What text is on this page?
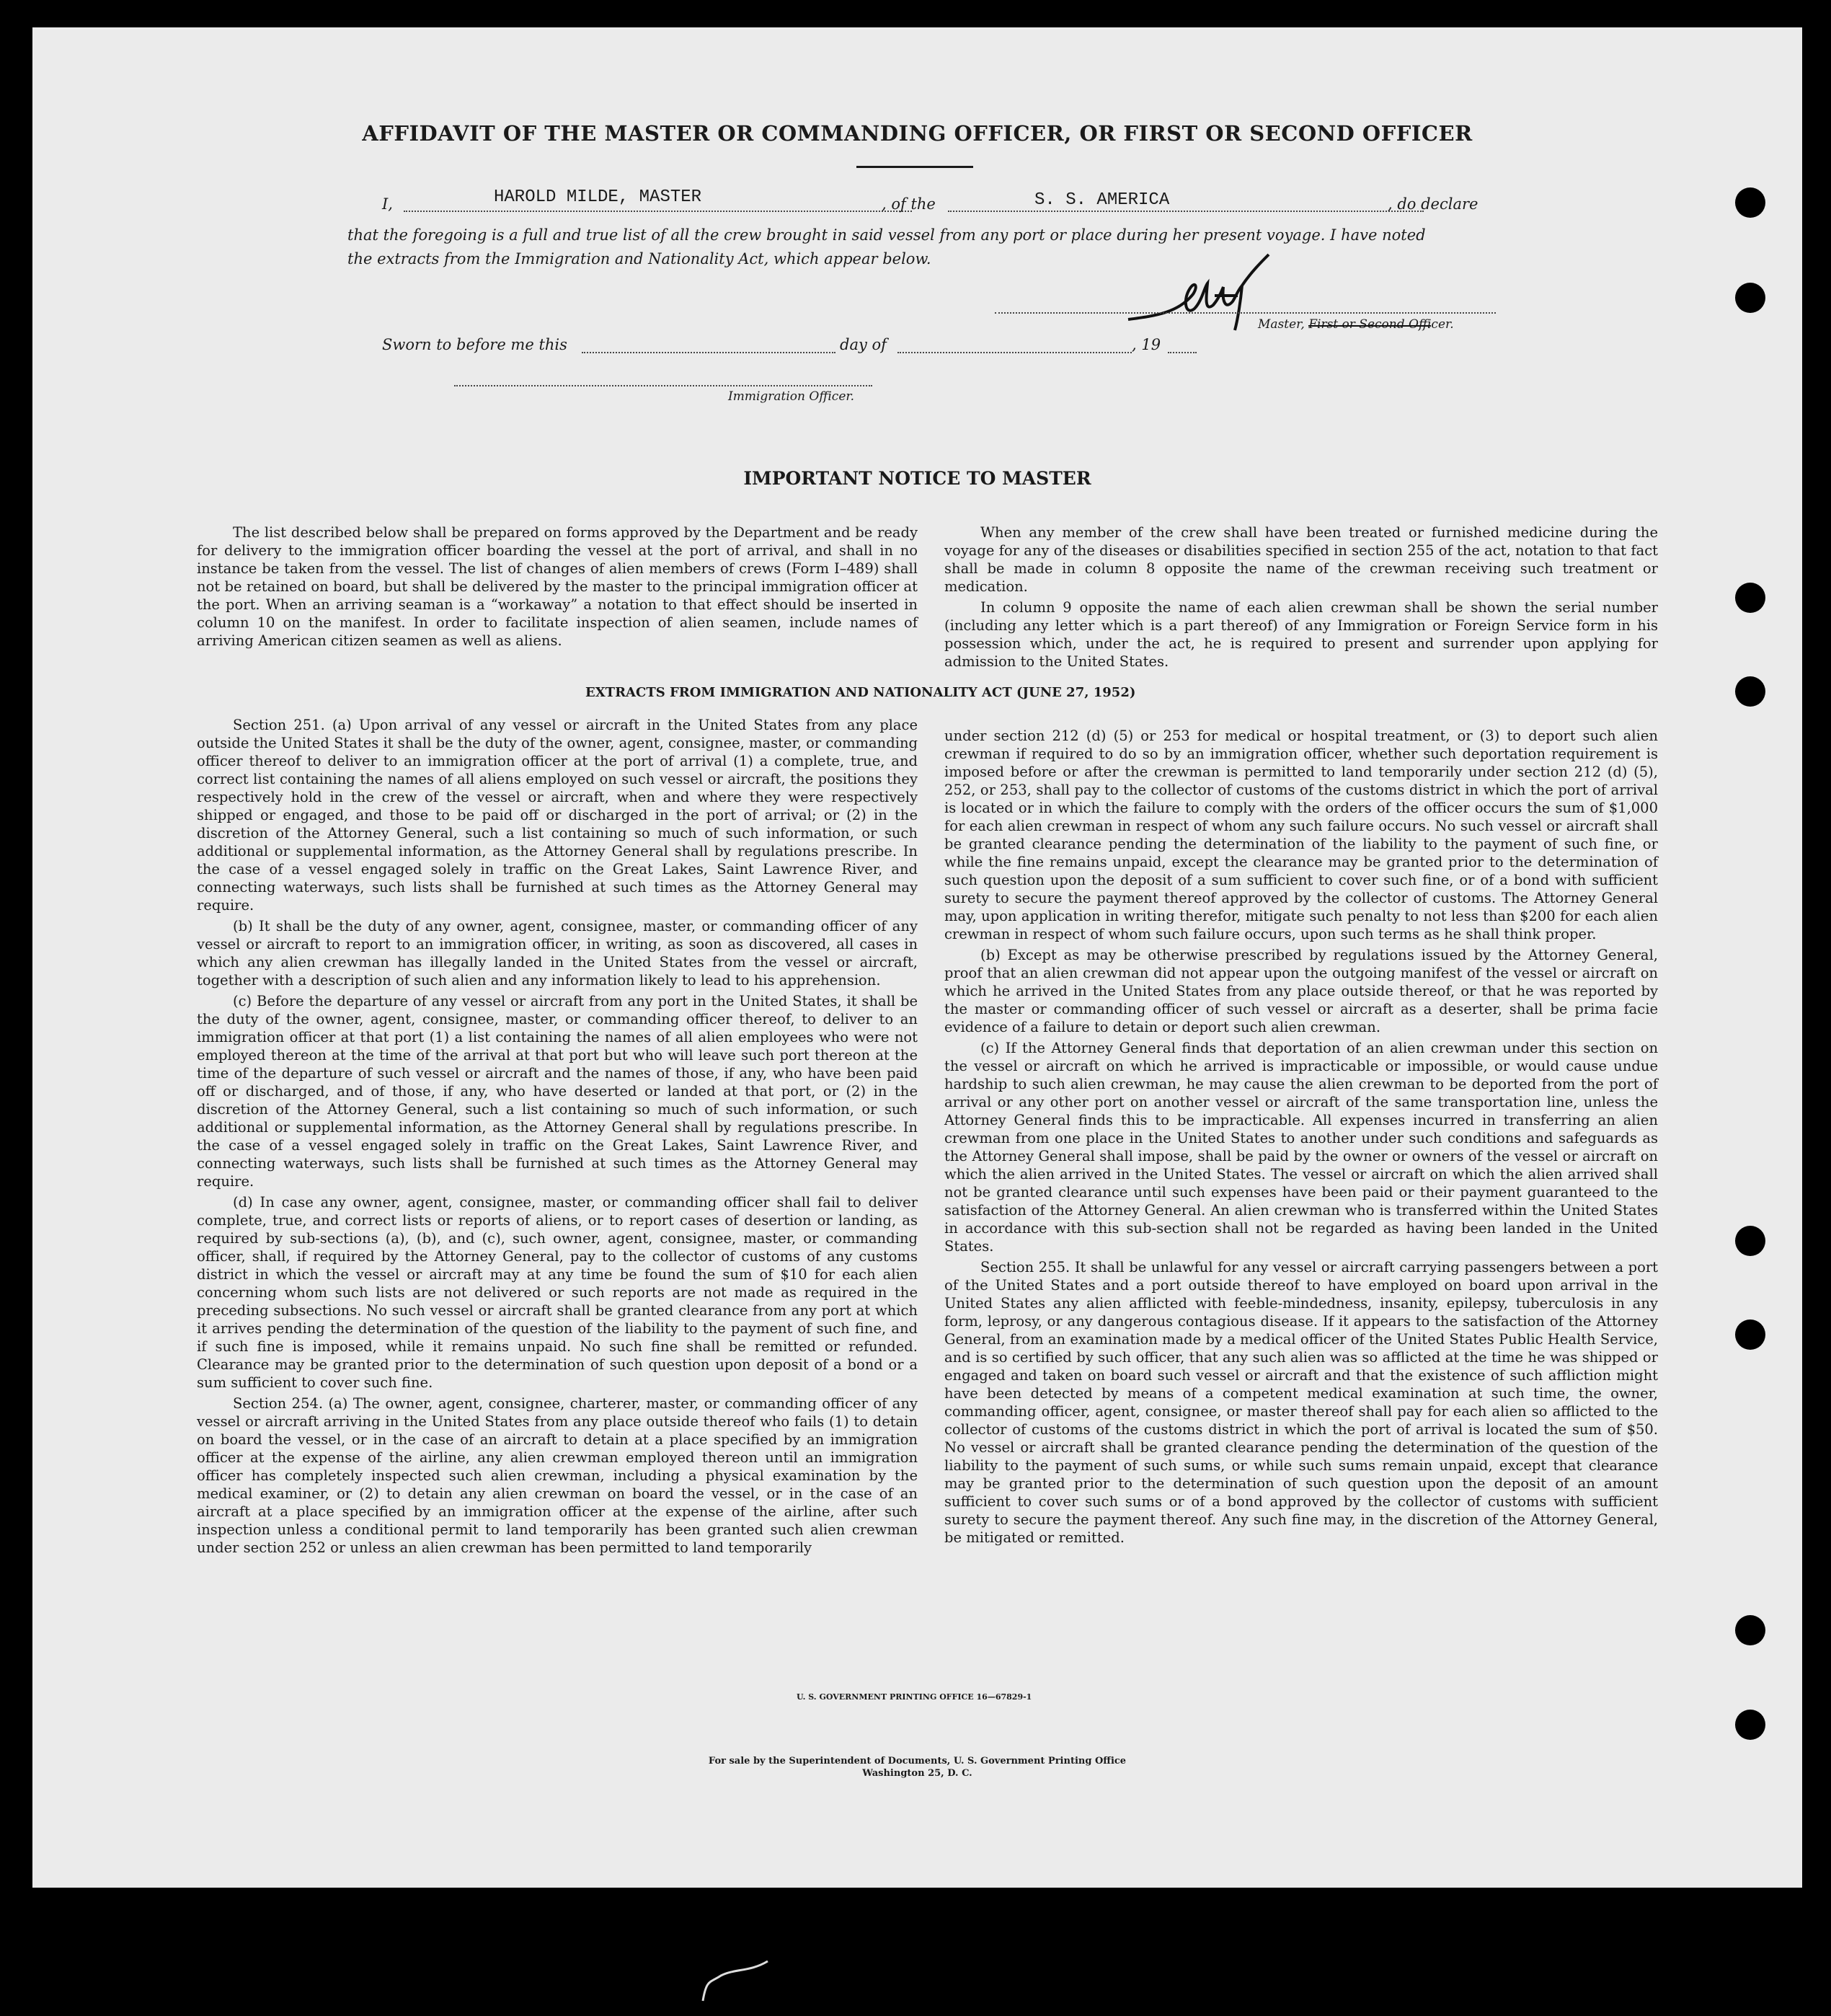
AFFIDAVIT OF THE MASTER OR COMMANDING OFFICER, OR FIRST OR SECOND OFFICER
I,	HAROLD MILDE, MASTER	, of the	S. S. AMERICA	, do declare
that the foregoing is a full and true list of all the crew brought in said vessel from any port or place during her present voyage. I have noted
the extracts from the Immigration and Nationality Act, which appear below.
Master, First or Second Officer.
Sworn to before me this	day of	, 19
Immigration Officer.
IMPORTANT NOTICE TO MASTER

The list described below shall be prepared on forms approved by the Department and be ready for delivery to the immigration officer boarding the vessel at the port of arrival, and shall in no instance be taken from the vessel. The list of changes of alien members of crews (Form I–489) shall not be retained on board, but shall be delivered by the master to the principal immigration officer at the port. When an arriving seaman is a “workaway” a notation to that effect should be inserted in column 10 on the manifest. In order to facilitate inspection of alien seamen, include names of arriving American citizen seamen as well as aliens.

When any member of the crew shall have been treated or furnished medicine during the voyage for any of the diseases or disabilities specified in section 255 of the act, notation to that fact shall be made in column 8 opposite the name of the crewman receiving such treatment or medication.

In column 9 opposite the name of each alien crewman shall be shown the serial number (including any letter which is a part thereof) of any Immigration or Foreign Service form in his possession which, under the act, he is required to present and surrender upon applying for admission to the United States.

EXTRACTS FROM IMMIGRATION AND NATIONALITY ACT (JUNE 27, 1952)

Section 251. (a) Upon arrival of any vessel or aircraft in the United States from any place outside the United States it shall be the duty of the owner, agent, consignee, master, or commanding officer thereof to deliver to an immigration officer at the port of arrival (1) a complete, true, and correct list containing the names of all aliens employed on such vessel or aircraft, the positions they respectively hold in the crew of the vessel or aircraft, when and where they were respectively shipped or engaged, and those to be paid off or discharged in the port of arrival; or (2) in the discretion of the Attorney General, such a list containing so much of such information, or such additional or supplemental information, as the Attorney General shall by regulations prescribe. In the case of a vessel engaged solely in traffic on the Great Lakes, Saint Lawrence River, and connecting waterways, such lists shall be furnished at such times as the Attorney General may require.

(b) It shall be the duty of any owner, agent, consignee, master, or commanding officer of any vessel or aircraft to report to an immigration officer, in writing, as soon as discovered, all cases in which any alien crewman has illegally landed in the United States from the vessel or aircraft, together with a description of such alien and any information likely to lead to his apprehension.

(c) Before the departure of any vessel or aircraft from any port in the United States, it shall be the duty of the owner, agent, consignee, master, or commanding officer thereof, to deliver to an immigration officer at that port (1) a list containing the names of all alien employees who were not employed thereon at the time of the arrival at that port but who will leave such port thereon at the time of the departure of such vessel or aircraft and the names of those, if any, who have been paid off or discharged, and of those, if any, who have deserted or landed at that port, or (2) in the discretion of the Attorney General, such a list containing so much of such information, or such additional or supplemental information, as the Attorney General shall by regulations prescribe. In the case of a vessel engaged solely in traffic on the Great Lakes, Saint Lawrence River, and connecting waterways, such lists shall be furnished at such times as the Attorney General may require.

(d) In case any owner, agent, consignee, master, or commanding officer shall fail to deliver complete, true, and correct lists or reports of aliens, or to report cases of desertion or landing, as required by sub-sections (a), (b), and (c), such owner, agent, consignee, master, or commanding officer, shall, if required by the Attorney General, pay to the collector of customs of any customs district in which the vessel or aircraft may at any time be found the sum of $10 for each alien concerning whom such lists are not delivered or such reports are not made as required in the preceding subsections. No such vessel or aircraft shall be granted clearance from any port at which it arrives pending the determination of the question of the liability to the payment of such fine, and if such fine is imposed, while it remains unpaid. No such fine shall be remitted or refunded. Clearance may be granted prior to the determination of such question upon deposit of a bond or a sum sufficient to cover such fine.

Section 254. (a) The owner, agent, consignee, charterer, master, or commanding officer of any vessel or aircraft arriving in the United States from any place outside thereof who fails (1) to detain on board the vessel, or in the case of an aircraft to detain at a place specified by an immigration officer at the expense of the airline, any alien crewman employed thereon until an immigration officer has completely inspected such alien crewman, including a physical examination by the medical examiner, or (2) to detain any alien crewman on board the vessel, or in the case of an aircraft at a place specified by an immigration officer at the expense of the airline, after such inspection unless a conditional permit to land temporarily has been granted such alien crewman under section 252 or unless an alien crewman has been permitted to land temporarily

under section 212 (d) (5) or 253 for medical or hospital treatment, or (3) to deport such alien crewman if required to do so by an immigration officer, whether such deportation requirement is imposed before or after the crewman is permitted to land temporarily under section 212 (d) (5), 252, or 253, shall pay to the collector of customs of the customs district in which the port of arrival is located or in which the failure to comply with the orders of the officer occurs the sum of $1,000 for each alien crewman in respect of whom any such failure occurs. No such vessel or aircraft shall be granted clearance pending the determination of the liability to the payment of such fine, or while the fine remains unpaid, except the clearance may be granted prior to the determination of such question upon the deposit of a sum sufficient to cover such fine, or of a bond with sufficient surety to secure the payment thereof approved by the collector of customs. The Attorney General may, upon application in writing therefor, mitigate such penalty to not less than $200 for each alien crewman in respect of whom such failure occurs, upon such terms as he shall think proper.

(b) Except as may be otherwise prescribed by regulations issued by the Attorney General, proof that an alien crewman did not appear upon the outgoing manifest of the vessel or aircraft on which he arrived in the United States from any place outside thereof, or that he was reported by the master or commanding officer of such vessel or aircraft as a deserter, shall be prima facie evidence of a failure to detain or deport such alien crewman.

(c) If the Attorney General finds that deportation of an alien crewman under this section on the vessel or aircraft on which he arrived is impracticable or impossible, or would cause undue hardship to such alien crewman, he may cause the alien crewman to be deported from the port of arrival or any other port on another vessel or aircraft of the same transportation line, unless the Attorney General finds this to be impracticable. All expenses incurred in transferring an alien crewman from one place in the United States to another under such conditions and safeguards as the Attorney General shall impose, shall be paid by the owner or owners of the vessel or aircraft on which the alien arrived in the United States. The vessel or aircraft on which the alien arrived shall not be granted clearance until such expenses have been paid or their payment guaranteed to the satisfaction of the Attorney General. An alien crewman who is transferred within the United States in accordance with this sub-section shall not be regarded as having been landed in the United States.

Section 255. It shall be unlawful for any vessel or aircraft carrying passengers between a port of the United States and a port outside thereof to have employed on board upon arrival in the United States any alien afflicted with feeble-mindedness, insanity, epilepsy, tuberculosis in any form, leprosy, or any dangerous contagious disease. If it appears to the satisfaction of the Attorney General, from an examination made by a medical officer of the United States Public Health Service, and is so certified by such officer, that any such alien was so afflicted at the time he was shipped or engaged and taken on board such vessel or aircraft and that the existence of such affliction might have been detected by means of a competent medical examination at such time, the owner, commanding officer, agent, consignee, or master thereof shall pay for each alien so afflicted to the collector of customs of the customs district in which the port of arrival is located the sum of $50. No vessel or aircraft shall be granted clearance pending the determination of the question of the liability to the payment of such sums, or while such sums remain unpaid, except that clearance may be granted prior to the determination of such question upon the deposit of an amount sufficient to cover such sums or of a bond approved by the collector of customs with sufficient surety to secure the payment thereof. Any such fine may, in the discretion of the Attorney General, be mitigated or remitted.

U. S. GOVERNMENT PRINTING OFFICE 16—67829-1
For sale by the Superintendent of Documents, U. S. Government Printing Office
Washington 25, D. C.
